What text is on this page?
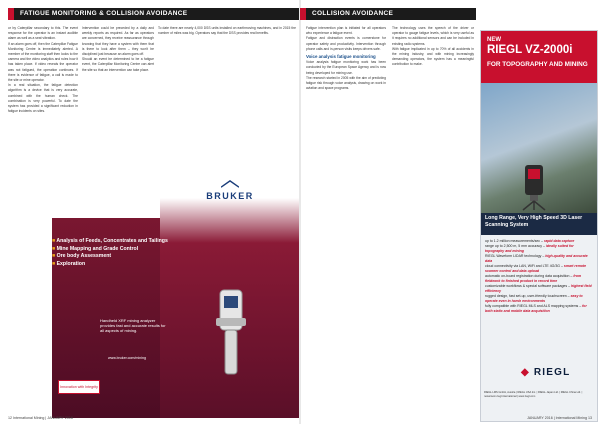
FATIGUE MONITORING & COLLISION AVOIDANCE

or by Caterpillar secondary to this. The event response for the operator is an instant audible alarm as well as a seat vibration.

If an alarm goes off, then the Caterpillar Fatigue Monitoring Centre is immediately alerted. A member of the monitoring staff then looks to the camera and the video analytics and rules how it has taken place. If video reveals the operator was not fatigued, the operation continues. If there is evidence of fatigue, a call is made to the site or mine operator.

In a real situation, the fatigue detection algorithm is a device that is very accurate, combined with the human check. The combination is very powerful. To date the system has provided a significant reduction in fatigue incidents on sites.

Intervention could be preceded by a daily and weekly reports as required. As far as operators are concerned, they receive reassurance through knowing that they have a system with them that is there to look after them – they won't be disciplined just because an alarm goes off.

Should an event be determined to be a fatigue event, the Caterpillar Monitoring Centre can alert the site so that an intervention can take place.

To date there are nearly 4,000 DSS units installed on earthmoving machines, and in 2015 the number of miles was big. Operators say that the DSS provides real benefits.

BRUKER
■ Analysis of Feeds, Concentrates and Tailings
■ Mine Mapping and Grade Control
■ Ore body Assessment
■ Exploration
Handheld XRF mining analyzer provides fast and accurate results for all aspects of mining.
www.bruker.com/mining
Innovation with Integrity
12 International Mining | JANUARY 2016
COLLISION AVOIDANCE

Fatigue intervention plan is initiated for all operators who experience a fatigue event.

Fatigue and distraction events is cornerstone for operator safety and productivity. Intervention through phone calls and in-person visits keeps drivers safe.

Voice analysis fatigue monitoring

Voice analysis fatigue monitoring work has been conducted by the European Space Agency and is now being developed for mining use.

The research started in 2005 with the aim of predicting fatigue risk through voice analysis, drawing on work in aviation and space programs.

The technology uses the speech of the driver or operator to gauge fatigue levels, which is very useful as it requires no additional sensors and can be included in existing radio systems.

With fatigue implicated in up to 70% of all accidents in the mining industry, and with mining increasingly demanding operators, the system has a meaningful contribution to make.

NEW
RIEGL VZ-2000i
FOR TOPOGRAPHY AND MINING
Long Range, Very High Speed 3D Laser Scanning System
up to 1.2 million measurements/sec – rapid data capture
range up to 2,500 m, 5 mm accuracy – ideally suited for topography and mining
RIEGL Waveform LIDAR technology – high-quality and accurate data
cloud connectivity via LAN, WiFi and LTE 4G/3G – smart remote scanner control and data upload
automatic on-board registration during data acquisition – from fieldwork to finished product in record time
customizable workflows & special software packages – highest field efficiency
rugged design, fast set-up, user-friendly touchscreen – easy to operate even in harsh environments
fully compatible with RIEGL MLS and ALS mapping systems – for both static and mobile data acquisition
◆ RIEGL
RIEGL LMS GmbH, Austria | RIEGL USA Inc. | RIEGL Japan Ltd. | RIEGL China Ltd. | newsroom.riegl.international | www.riegl.com
JANUARY 2016 | International Mining 13
